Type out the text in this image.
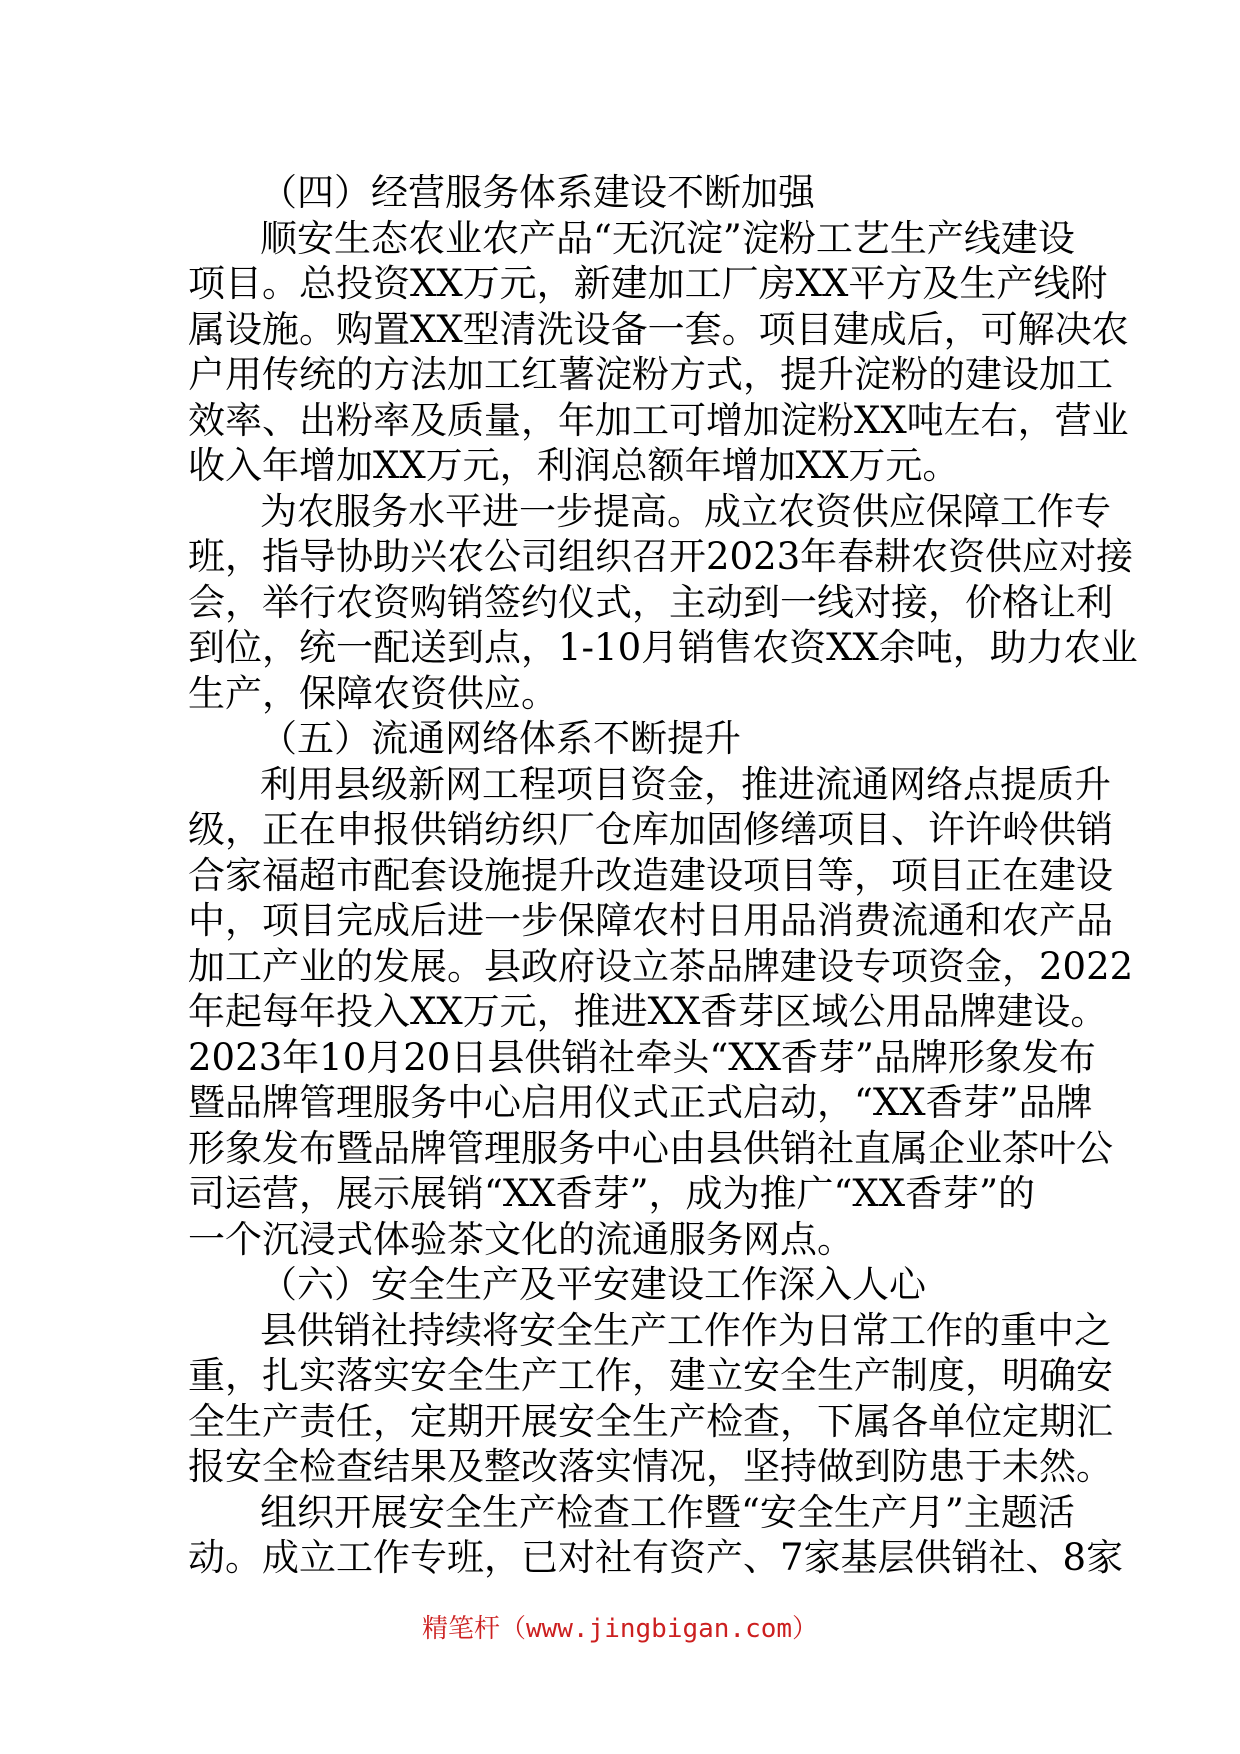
（四）经营服务体系建设不断加强
顺安生态农业农产品“无沉淀”淀粉工艺生产线建设
项目。总投资XX万元，新建加工厂房XX平方及生产线附
属设施。购置XX型清洗设备一套。项目建成后，可解决农
户用传统的方法加工红薯淀粉方式，提升淀粉的建设加工
效率、出粉率及质量，年加工可增加淀粉XX吨左右，营业
收入年增加XX万元，利润总额年增加XX万元。
为农服务水平进一步提高。成立农资供应保障工作专
班，指导协助兴农公司组织召开2023年春耕农资供应对接
会，举行农资购销签约仪式，主动到一线对接，价格让利
到位，统一配送到点，1-10月销售农资XX余吨，助力农业
生产，保障农资供应。
（五）流通网络体系不断提升
利用县级新网工程项目资金，推进流通网络点提质升
级，正在申报供销纺织厂仓库加固修缮项目、许许岭供销
合家福超市配套设施提升改造建设项目等，项目正在建设
中，项目完成后进一步保障农村日用品消费流通和农产品
加工产业的发展。县政府设立茶品牌建设专项资金，2022
年起每年投入XX万元，推进XX香芽区域公用品牌建设。
2023年10月20日县供销社牵头“XX香芽”品牌形象发布
暨品牌管理服务中心启用仪式正式启动，“XX香芽”品牌
形象发布暨品牌管理服务中心由县供销社直属企业茶叶公
司运营，展示展销“XX香芽”，成为推广“XX香芽”的
一个沉浸式体验茶文化的流通服务网点。
（六）安全生产及平安建设工作深入人心
县供销社持续将安全生产工作作为日常工作的重中之
重，扎实落实安全生产工作，建立安全生产制度，明确安
全生产责任，定期开展安全生产检查，下属各单位定期汇
报安全检查结果及整改落实情况，坚持做到防患于未然。
组织开展安全生产检查工作暨“安全生产月”主题活
动。成立工作专班，已对社有资产、7家基层供销社、8家
精笔杆（www.jingbigan.com）
